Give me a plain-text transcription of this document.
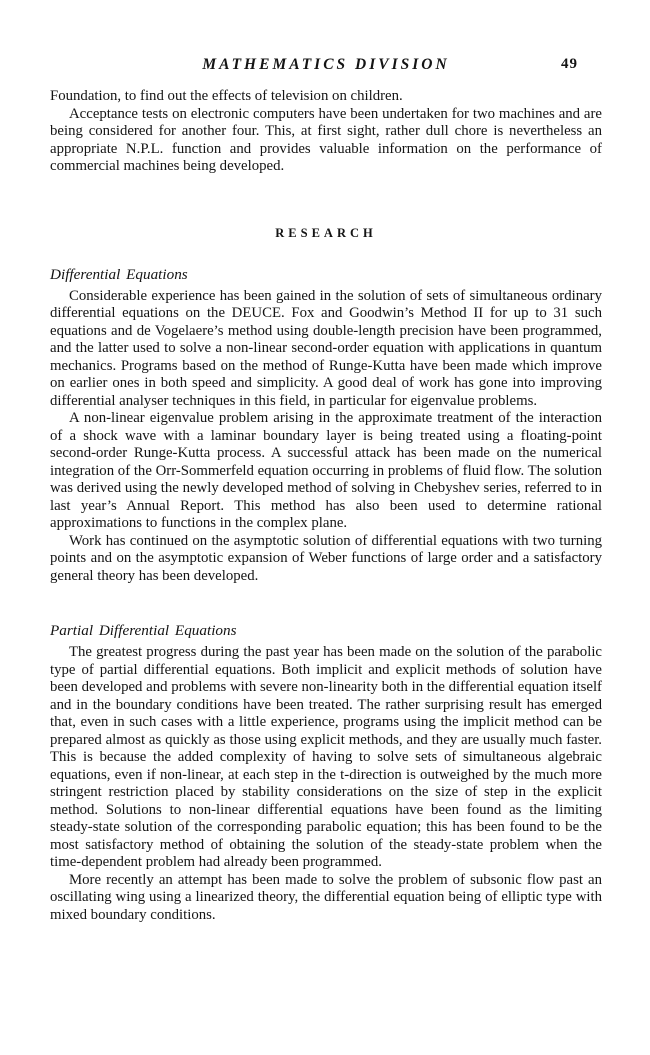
MATHEMATICS DIVISION	49

Foundation, to find out the effects of television on children.

Acceptance tests on electronic computers have been undertaken for two machines and are being considered for another four. This, at first sight, rather dull chore is nevertheless an appropriate N.P.L. function and provides valuable information on the performance of commercial machines being developed.

RESEARCH
Differential Equations

Considerable experience has been gained in the solution of sets of simultaneous ordinary differential equations on the DEUCE. Fox and Goodwin’s Method II for up to 31 such equations and de Vogelaere’s method using double-length precision have been programmed, and the latter used to solve a non-linear second-order equation with applications in quantum mechanics. Programs based on the method of Runge-Kutta have been made which improve on earlier ones in both speed and simplicity. A good deal of work has gone into improving differential analyser techniques in this field, in particular for eigenvalue problems.

A non-linear eigenvalue problem arising in the approximate treatment of the interaction of a shock wave with a laminar boundary layer is being treated using a floating-point second-order Runge-Kutta process. A successful attack has been made on the numerical integration of the Orr-Sommerfeld equation occurring in problems of fluid flow. The solution was derived using the newly developed method of solving in Chebyshev series, referred to in last year’s Annual Report. This method has also been used to determine rational approximations to functions in the complex plane.

Work has continued on the asymptotic solution of differential equations with two turning points and on the asymptotic expansion of Weber functions of large order and a satisfactory general theory has been developed.

Partial Differential Equations

The greatest progress during the past year has been made on the solution of the parabolic type of partial differential equations. Both implicit and explicit methods of solution have been developed and problems with severe non-linearity both in the differential equation itself and in the boundary conditions have been treated. The rather surprising result has emerged that, even in such cases with a little experience, programs using the implicit method can be prepared almost as quickly as those using explicit methods, and they are usually much faster. This is because the added complexity of having to solve sets of simultaneous algebraic equations, even if non-linear, at each step in the t-direction is outweighed by the much more stringent restriction placed by stability considerations on the size of step in the explicit method. Solutions to non-linear differential equations have been found as the limiting steady-state solution of the corresponding parabolic equation; this has been found to be the most satisfactory method of obtaining the solution of the steady-state problem when the time-dependent problem had already been programmed.

More recently an attempt has been made to solve the problem of subsonic flow past an oscillating wing using a linearized theory, the differential equation being of elliptic type with mixed boundary conditions.
